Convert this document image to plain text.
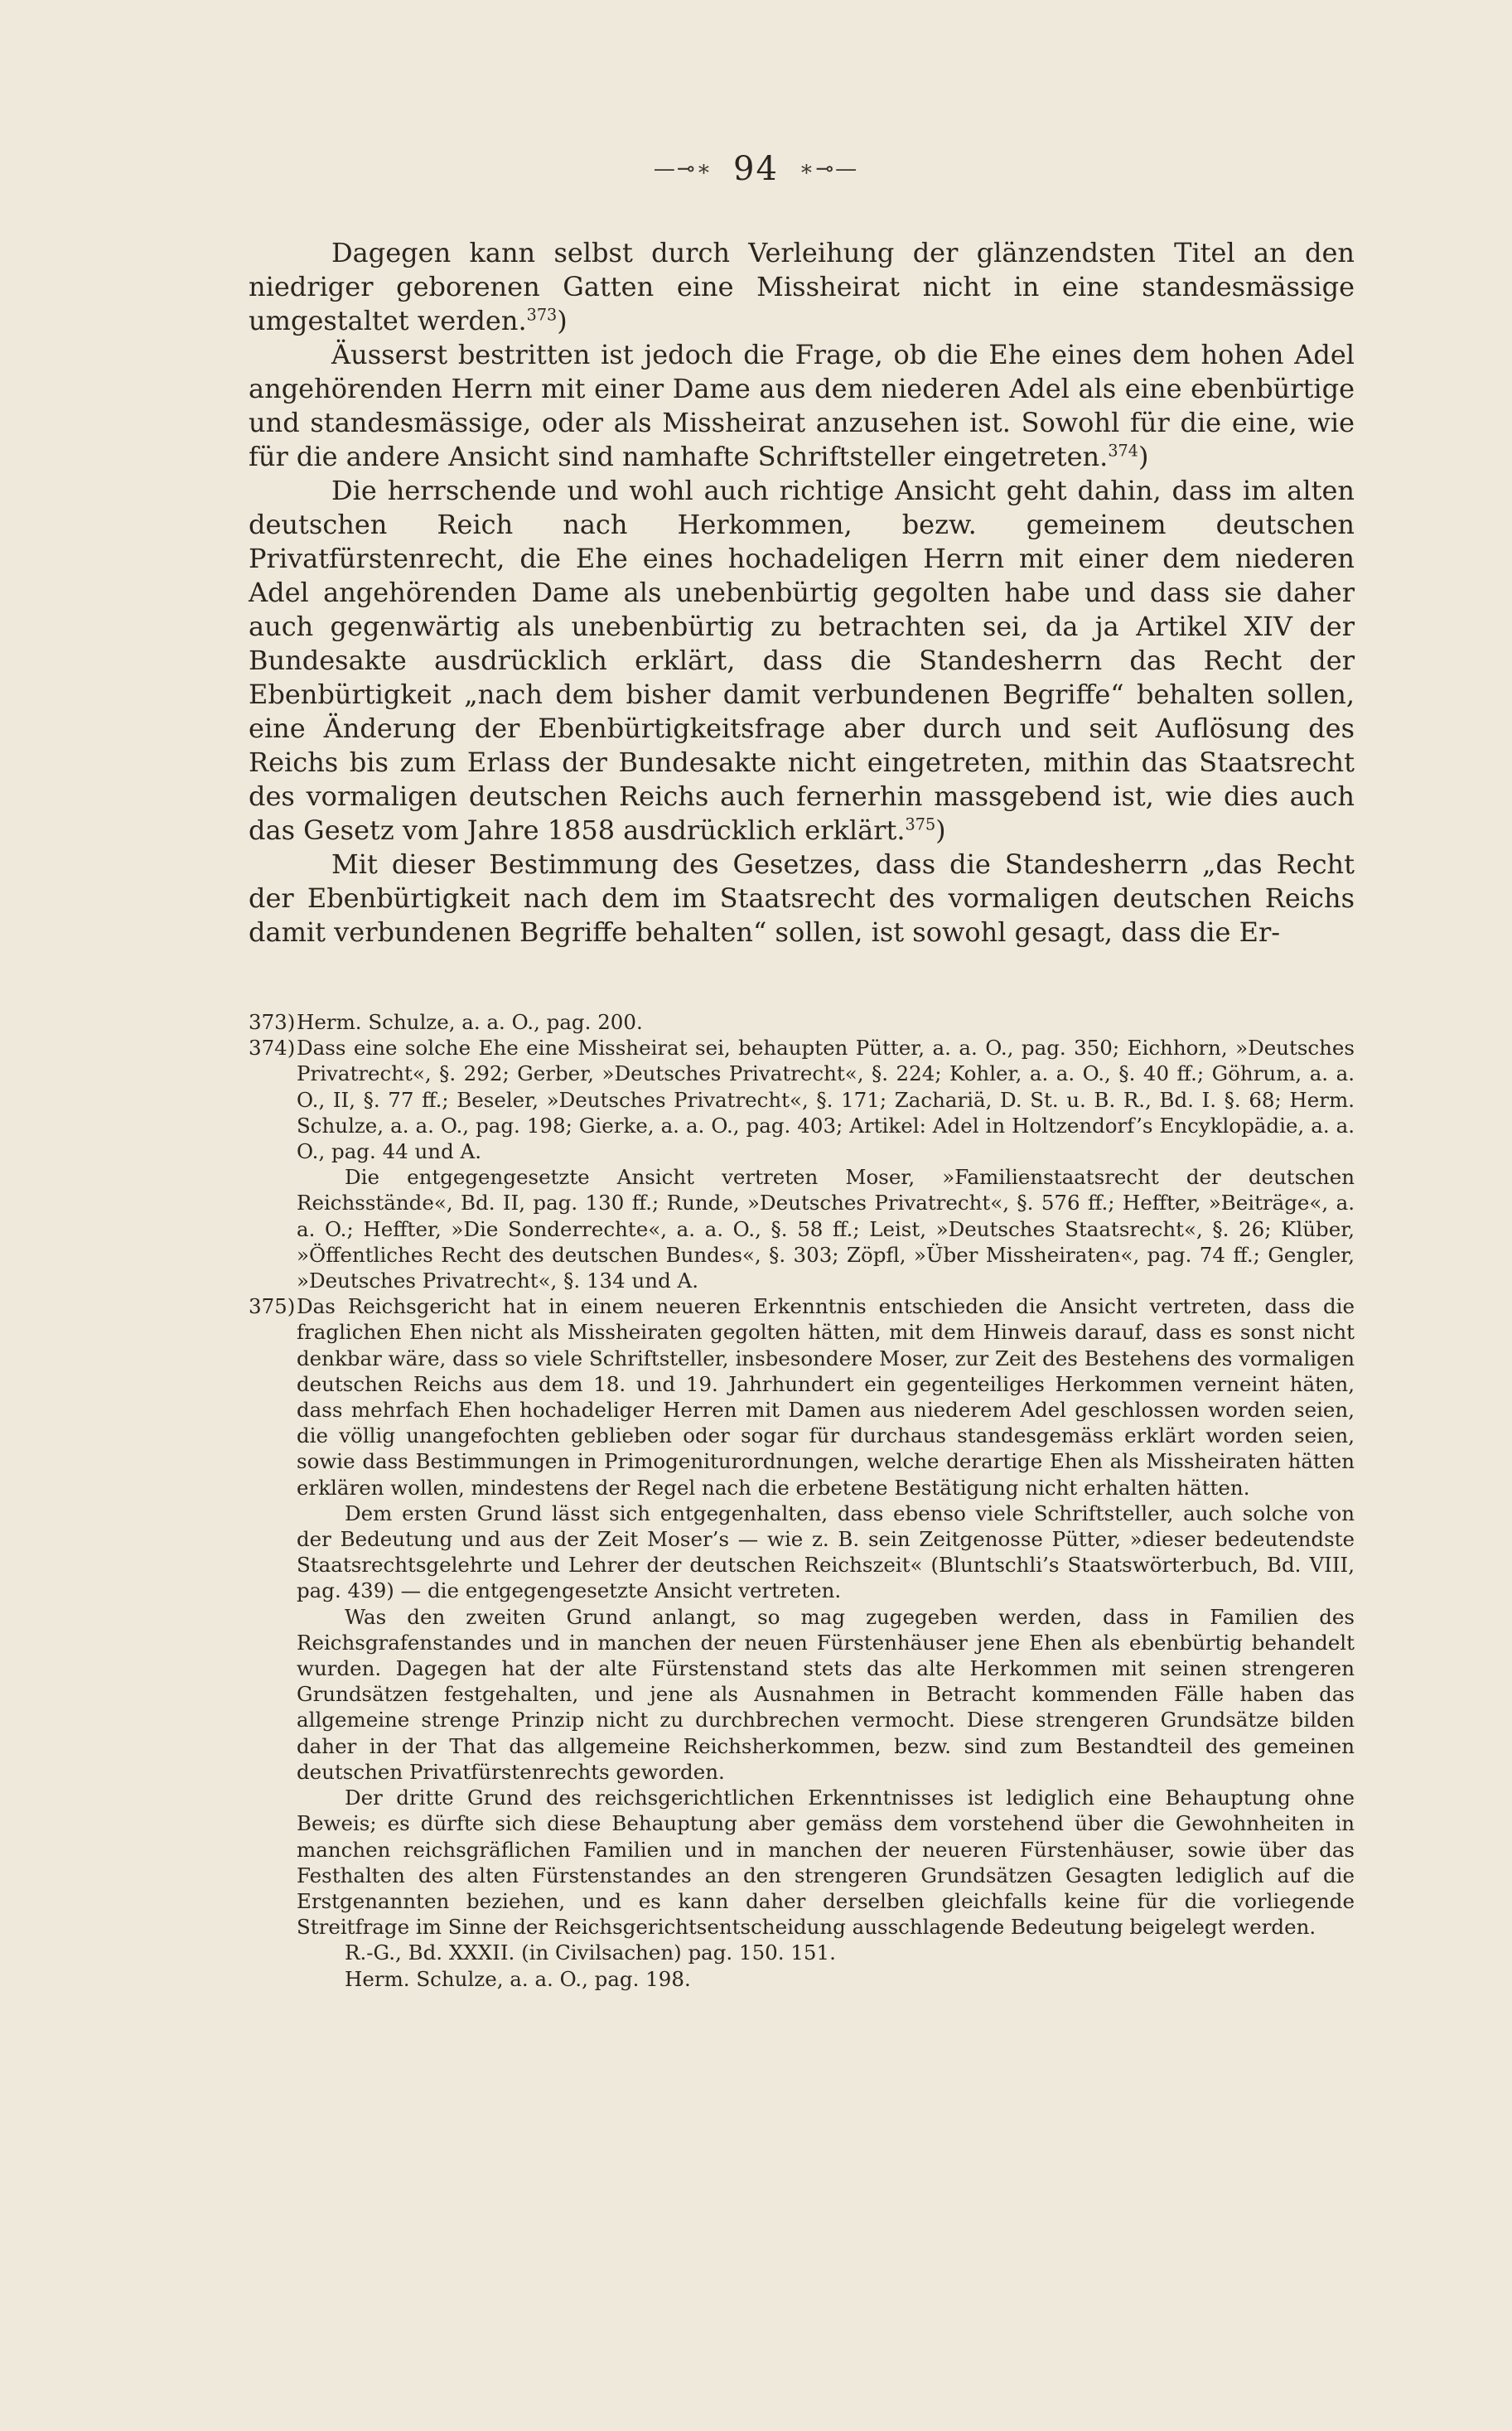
—⊸∗ 94 ∗⊸—

Dagegen kann selbst durch Verleihung der glänzendsten Titel an den niedriger geborenen Gatten eine Missheirat nicht in eine standesmässige umgestaltet werden.$^{373}$)

Äusserst bestritten ist jedoch die Frage, ob die Ehe eines dem hohen Adel angehörenden Herrn mit einer Dame aus dem niederen Adel als eine ebenbürtige und standesmässige, oder als Missheirat anzusehen ist. Sowohl für die eine, wie für die andere Ansicht sind namhafte Schriftsteller eingetreten.$^{374}$)

Die herrschende und wohl auch richtige Ansicht geht dahin, dass im alten deutschen Reich nach Herkommen, bezw. gemeinem deutschen Privatfürstenrecht, die Ehe eines hochadeligen Herrn mit einer dem niederen Adel angehörenden Dame als unebenbürtig gegolten habe und dass sie daher auch gegenwärtig als unebenbürtig zu betrachten sei, da ja Artikel XIV der Bundesakte ausdrücklich erklärt, dass die Standesherrn das Recht der Ebenbürtigkeit „nach dem bisher damit verbundenen Begriffe“ behalten sollen, eine Änderung der Ebenbürtigkeitsfrage aber durch und seit Auflösung des Reichs bis zum Erlass der Bundesakte nicht eingetreten, mithin das Staatsrecht des vormaligen deutschen Reichs auch fernerhin massgebend ist, wie dies auch das Gesetz vom Jahre 1858 ausdrücklich erklärt.$^{375}$)

Mit dieser Bestimmung des Gesetzes, dass die Standesherrn „das Recht der Ebenbürtigkeit nach dem im Staatsrecht des vormaligen deutschen Reichs damit verbundenen Begriffe behalten“ sollen, ist sowohl gesagt, dass die Er-

373) Herm. Schulze, a. a. O., pag. 200.

374) Dass eine solche Ehe eine Missheirat sei, behaupten Pütter, a. a. O., pag. 350; Eichhorn, »Deutsches Privatrecht«, §. 292; Gerber, »Deutsches Privatrecht«, §. 224; Kohler, a. a. O., §. 40 ff.; Göhrum, a. a. O., II, §. 77 ff.; Beseler, »Deutsches Privatrecht«, §. 171; Zachariä, D. St. u. B. R., Bd. I. §. 68; Herm. Schulze, a. a. O., pag. 198; Gierke, a. a. O., pag. 403; Artikel: Adel in Holtzendorf’s Encyklopädie, a. a. O., pag. 44 und A.

Die entgegengesetzte Ansicht vertreten Moser, »Familienstaatsrecht der deutschen Reichsstände«, Bd. II, pag. 130 ff.; Runde, »Deutsches Privatrecht«, §. 576 ff.; Heffter, »Beiträge«, a. a. O.; Heffter, »Die Sonderrechte«, a. a. O., §. 58 ff.; Leist, »Deutsches Staatsrecht«, §. 26; Klüber, »Öffentliches Recht des deutschen Bundes«, §. 303; Zöpfl, »Über Missheiraten«, pag. 74 ff.; Gengler, »Deutsches Privatrecht«, §. 134 und A.

375) Das Reichsgericht hat in einem neueren Erkenntnis entschieden die Ansicht vertreten, dass die fraglichen Ehen nicht als Missheiraten gegolten hätten, mit dem Hinweis darauf, dass es sonst nicht denkbar wäre, dass so viele Schriftsteller, insbesondere Moser, zur Zeit des Bestehens des vormaligen deutschen Reichs aus dem 18. und 19. Jahrhundert ein gegenteiliges Herkommen verneint häten, dass mehrfach Ehen hochadeliger Herren mit Damen aus niederem Adel geschlossen worden seien, die völlig unangefochten geblieben oder sogar für durchaus standesgemäss erklärt worden seien, sowie dass Bestimmungen in Primogeniturordnungen, welche derartige Ehen als Missheiraten hätten erklären wollen, mindestens der Regel nach die erbetene Bestätigung nicht erhalten hätten.

Dem ersten Grund lässt sich entgegenhalten, dass ebenso viele Schriftsteller, auch solche von der Bedeutung und aus der Zeit Moser’s — wie z. B. sein Zeitgenosse Pütter, »dieser bedeutendste Staatsrechtsgelehrte und Lehrer der deutschen Reichszeit« (Bluntschli’s Staatswörterbuch, Bd. VIII, pag. 439) — die entgegengesetzte Ansicht vertreten.

Was den zweiten Grund anlangt, so mag zugegeben werden, dass in Familien des Reichsgrafenstandes und in manchen der neuen Fürstenhäuser jene Ehen als ebenbürtig behandelt wurden. Dagegen hat der alte Fürstenstand stets das alte Herkommen mit seinen strengeren Grundsätzen festgehalten, und jene als Ausnahmen in Betracht kommenden Fälle haben das allgemeine strenge Prinzip nicht zu durchbrechen vermocht. Diese strengeren Grundsätze bilden daher in der That das allgemeine Reichsherkommen, bezw. sind zum Bestandteil des gemeinen deutschen Privatfürstenrechts geworden.

Der dritte Grund des reichsgerichtlichen Erkenntnisses ist lediglich eine Behauptung ohne Beweis; es dürfte sich diese Behauptung aber gemäss dem vorstehend über die Gewohnheiten in manchen reichsgräflichen Familien und in manchen der neueren Fürstenhäuser, sowie über das Festhalten des alten Fürstenstandes an den strengeren Grundsätzen Gesagten lediglich auf die Erstgenannten beziehen, und es kann daher derselben gleichfalls keine für die vorliegende Streitfrage im Sinne der Reichsgerichtsentscheidung ausschlagende Bedeutung beigelegt werden.

R.-G., Bd. XXXII. (in Civilsachen) pag. 150. 151.

Herm. Schulze, a. a. O., pag. 198.
